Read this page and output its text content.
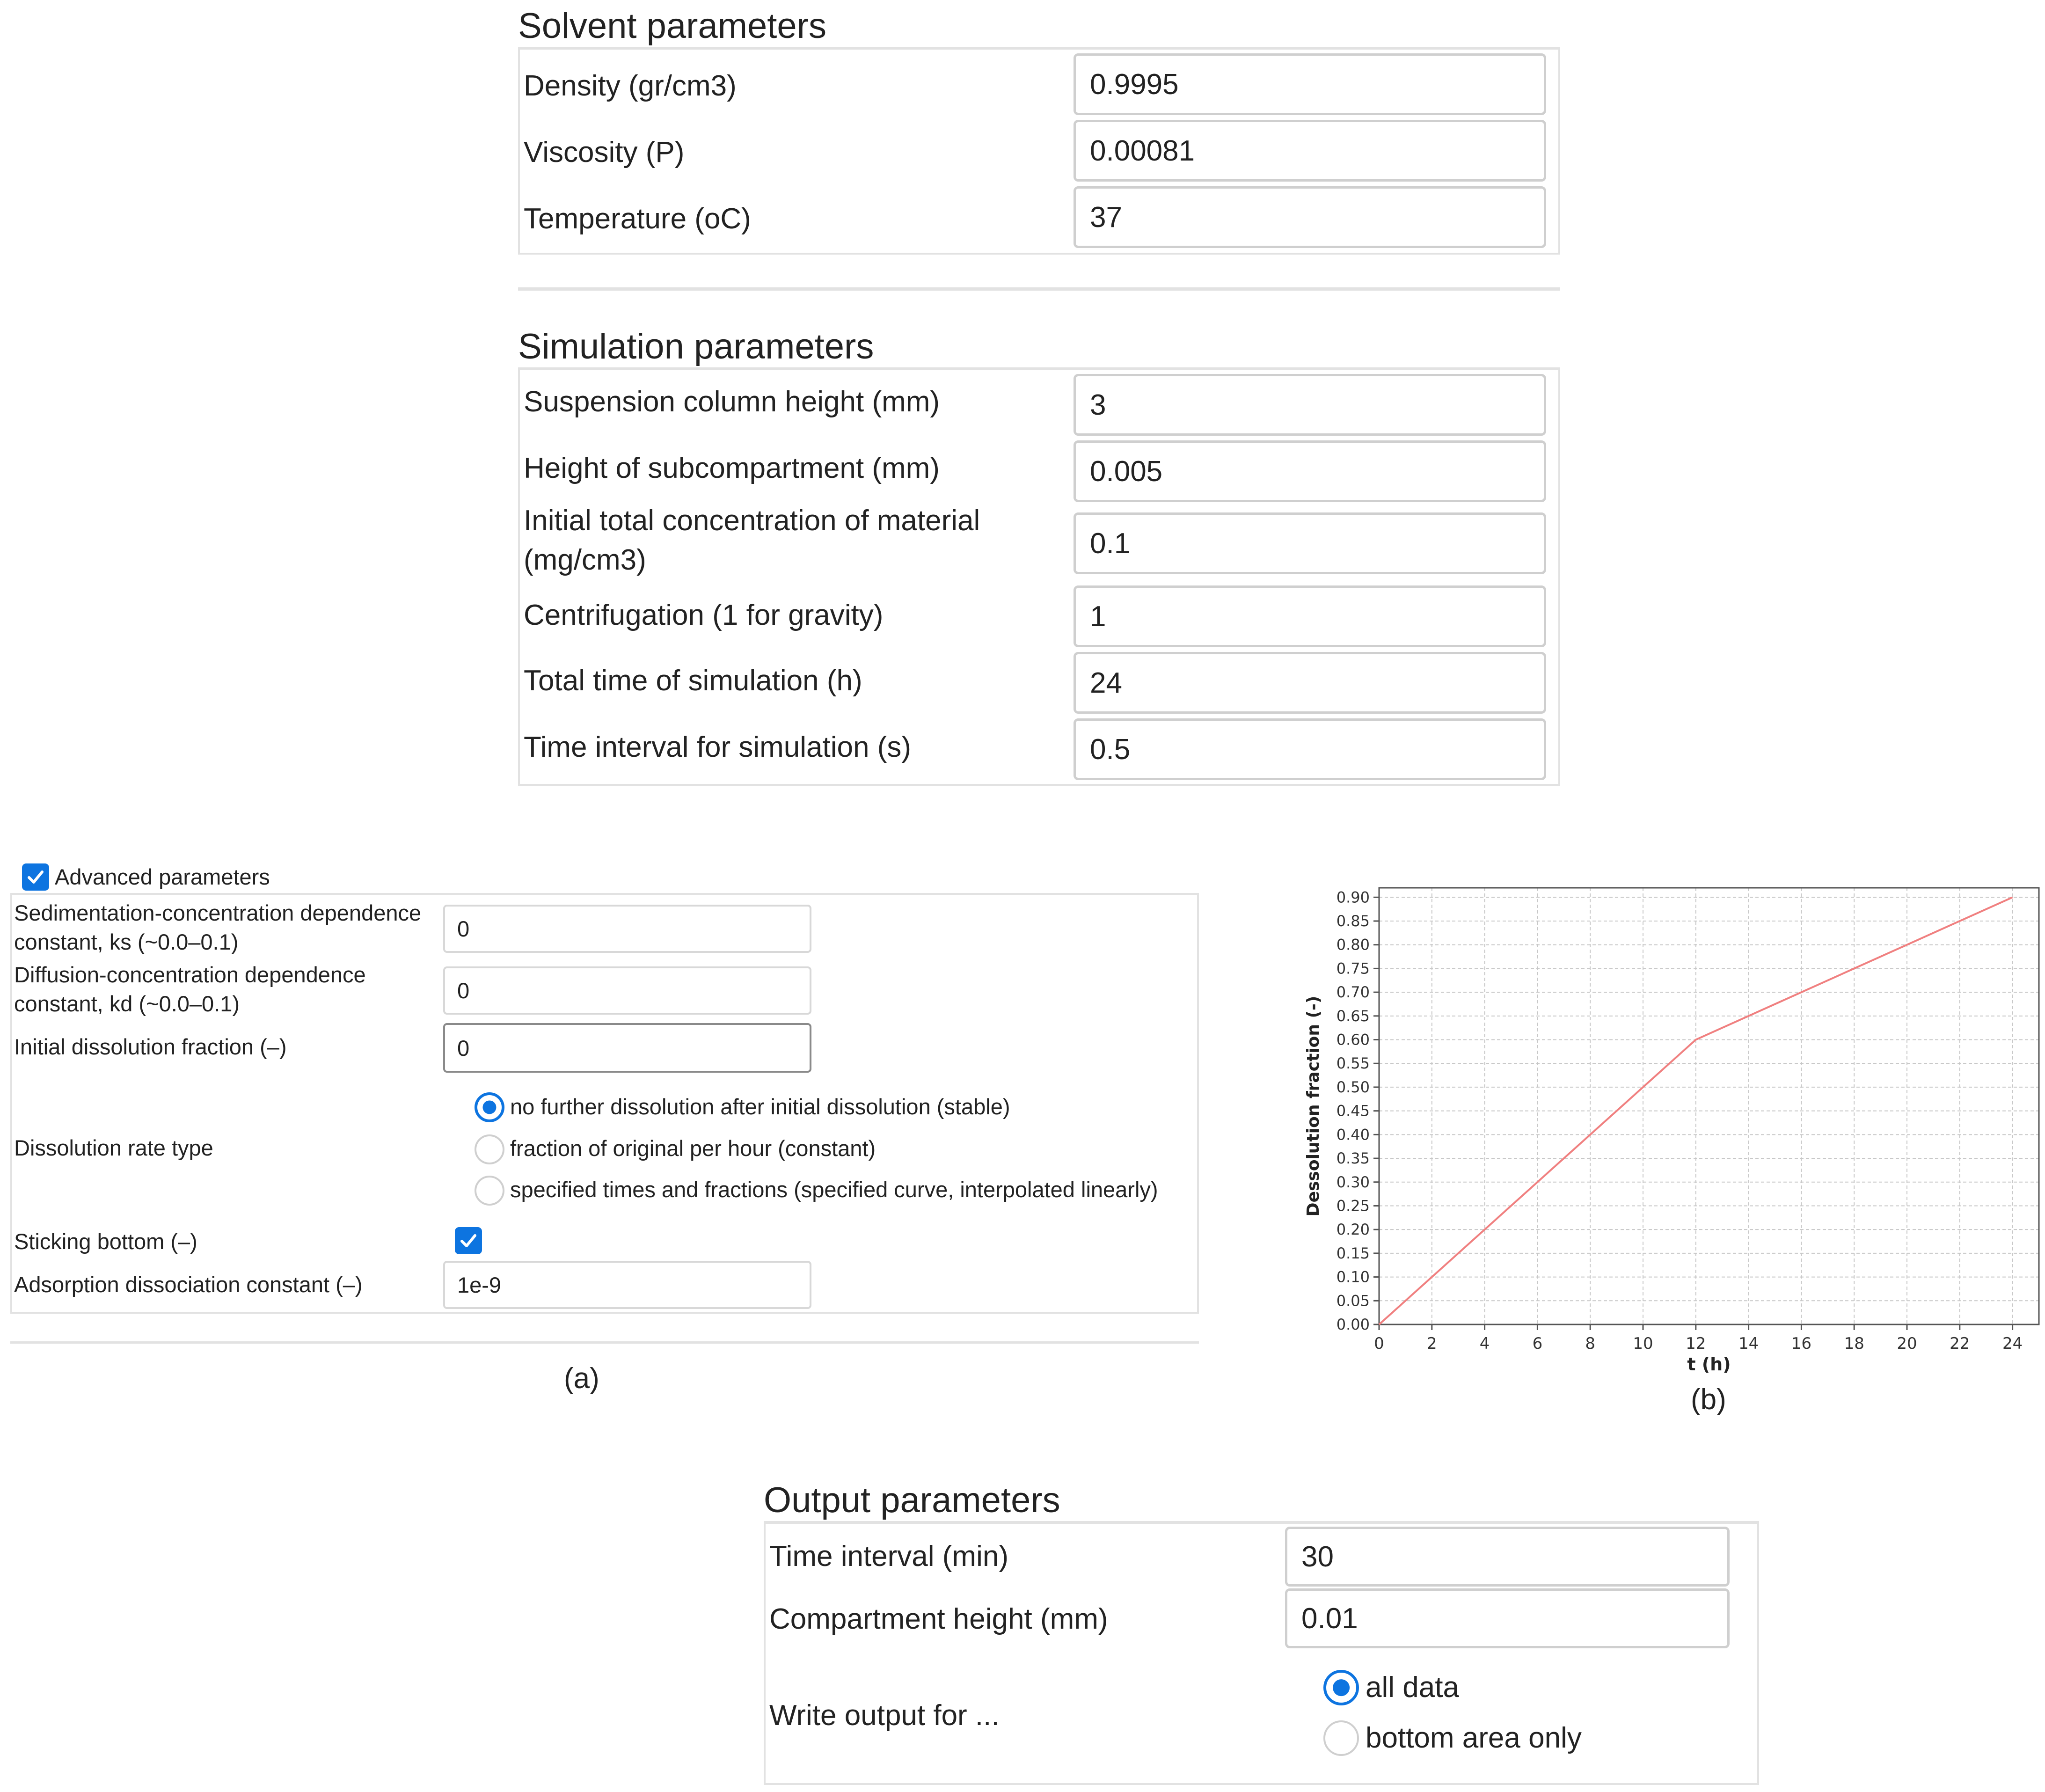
Solvent parameters
Density (gr/cm3)	0.9995
Viscosity (P)	0.00081
Temperature (oC)	37
Simulation parameters
Suspension column height (mm)	3
Height of subcompartment (mm)	0.005
Initial total concentration of material
(mg/cm3)
0.1
Centrifugation (1 for gravity)	1
Total time of simulation (h)	24
Time interval for simulation (s)	0.5
Advanced parameters
Sedimentation-concentration dependence
constant, ks (~0.0–0.1)
0
Diffusion-concentration dependence
constant, kd (~0.0–0.1)
0
Initial dissolution fraction (–)	0
Dissolution rate type
no further dissolution after initial dissolution (stable)
fraction of original per hour (constant)
specified times and fractions (specified curve, interpolated linearly)
Sticking bottom (–)
Adsorption dissociation constant (–)	1e-9
(a)
0	2	4	6	8 10 12 14 16 18 20 22 24
0.00
0.05
0.10
0.15
0.20
0.25
0.30
0.35
0.40
0.45
0.50
0.55
0.60
0.65
0.70
0.75
0.80
0.85
0.90
t (h)
Dessolution fraction (-)
(b)
Output parameters
Time interval (min)	30
Compartment height (mm)	0.01
Write output for ...
all data
bottom area only
